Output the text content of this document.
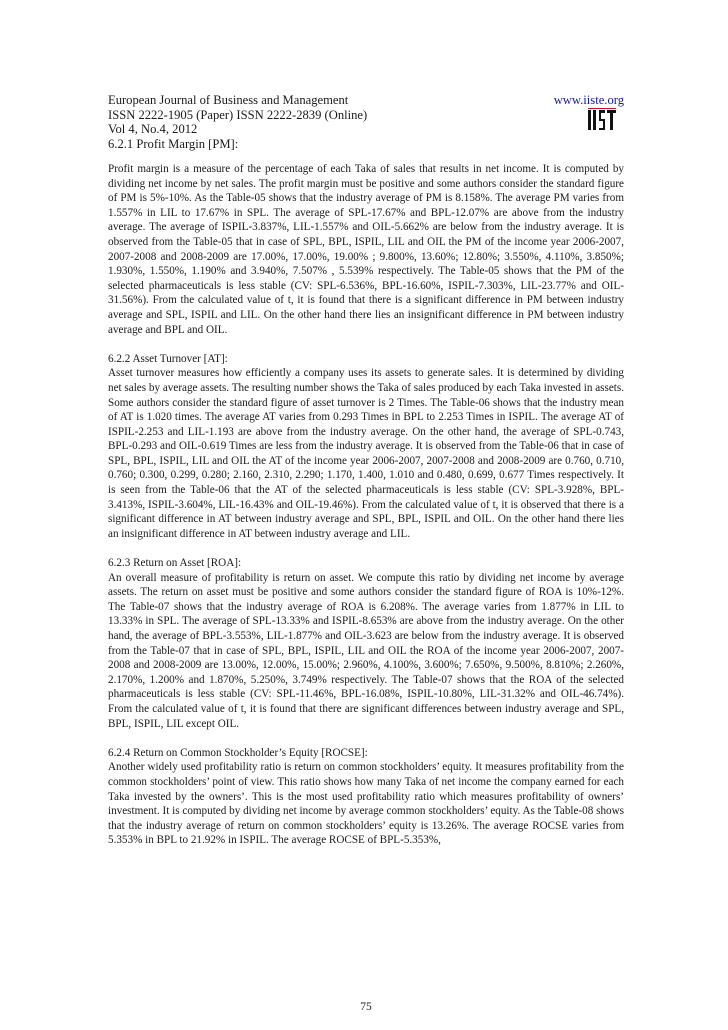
European Journal of Business and Management	www.iiste.org
ISSN 2222-1905 (Paper) ISSN 2222-2839 (Online)
Vol 4, No.4, 2012
6.2.1 Profit Margin [PM]:

Profit margin is a measure of the percentage of each Taka of sales that results in net income. It is computed by dividing net income by net sales. The profit margin must be positive and some authors consider the standard figure of PM is 5%-10%. As the Table-05 shows that the industry average of PM is 8.158%. The average PM varies from 1.557% in LIL to 17.67% in SPL. The average of SPL-17.67% and BPL-12.07% are above from the industry average. The average of ISPIL-3.837%, LIL-1.557% and OIL-5.662% are below from the industry average. It is observed from the Table-05 that in case of SPL, BPL, ISPIL, LIL and OIL the PM of the income year 2006-2007, 2007-2008 and 2008-2009 are 17.00%, 17.00%, 19.00% ; 9.800%, 13.60%; 12.80%; 3.550%, 4.110%, 3.850%; 1.930%, 1.550%, 1.190% and 3.940%, 7.507% , 5.539% respectively. The Table-05 shows that the PM of the selected pharmaceuticals is less stable (CV: SPL-6.536%, BPL-16.60%, ISPIL-7.303%, LIL-23.77% and OIL-31.56%). From the calculated value of t, it is found that there is a significant difference in PM between industry average and SPL, ISPIL and LIL. On the other hand there lies an insignificant difference in PM between industry average and BPL and OIL.

6.2.2 Asset Turnover [AT]:

Asset turnover measures how efficiently a company uses its assets to generate sales. It is determined by dividing net sales by average assets. The resulting number shows the Taka of sales produced by each Taka invested in assets. Some authors consider the standard figure of asset turnover is 2 Times. The Table-06 shows that the industry mean of AT is 1.020 times. The average AT varies from 0.293 Times in BPL to 2.253 Times in ISPIL. The average AT of ISPIL-2.253 and LIL-1.193 are above from the industry average. On the other hand, the average of SPL-0.743, BPL-0.293 and OIL-0.619 Times are less from the industry average. It is observed from the Table-06 that in case of SPL, BPL, ISPIL, LIL and OIL the AT of the income year 2006-2007, 2007-2008 and 2008-2009 are 0.760, 0.710, 0.760; 0.300, 0.299, 0.280; 2.160, 2.310, 2.290; 1.170, 1.400, 1.010 and 0.480, 0.699, 0.677 Times respectively. It is seen from the Table-06 that the AT of the selected pharmaceuticals is less stable (CV: SPL-3.928%, BPL-3.413%, ISPIL-3.604%, LIL-16.43% and OIL-19.46%). From the calculated value of t, it is observed that there is a significant difference in AT between industry average and SPL, BPL, ISPIL and OIL. On the other hand there lies an insignificant difference in AT between industry average and LIL.

6.2.3 Return on Asset [ROA]:

An overall measure of profitability is return on asset. We compute this ratio by dividing net income by average assets. The return on asset must be positive and some authors consider the standard figure of ROA is 10%-12%. The Table-07 shows that the industry average of ROA is 6.208%. The average varies from 1.877% in LIL to 13.33% in SPL. The average of SPL-13.33% and ISPIL-8.653% are above from the industry average. On the other hand, the average of BPL-3.553%, LIL-1.877% and OIL-3.623 are below from the industry average. It is observed from the Table-07 that in case of SPL, BPL, ISPIL, LIL and OIL the ROA of the income year 2006-2007, 2007-2008 and 2008-2009 are 13.00%, 12.00%, 15.00%; 2.960%, 4.100%, 3.600%; 7.650%, 9.500%, 8.810%; 2.260%, 2.170%, 1.200% and 1.870%, 5.250%, 3.749% respectively. The Table-07 shows that the ROA of the selected pharmaceuticals is less stable (CV: SPL-11.46%, BPL-16.08%, ISPIL-10.80%, LIL-31.32% and OIL-46.74%). From the calculated value of t, it is found that there are significant differences between industry average and SPL, BPL, ISPIL, LIL except OIL.

6.2.4 Return on Common Stockholder’s Equity [ROCSE]:

Another widely used profitability ratio is return on common stockholders’ equity. It measures profitability from the common stockholders’ point of view. This ratio shows how many Taka of net income the company earned for each Taka invested by the owners’. This is the most used profitability ratio which measures profitability of owners’ investment. It is computed by dividing net income by average common stockholders’ equity. As the Table-08 shows that the industry average of return on common stockholders’ equity is 13.26%. The average ROCSE varies from 5.353% in BPL to 21.92% in ISPIL. The average ROCSE of BPL-5.353%,

75
